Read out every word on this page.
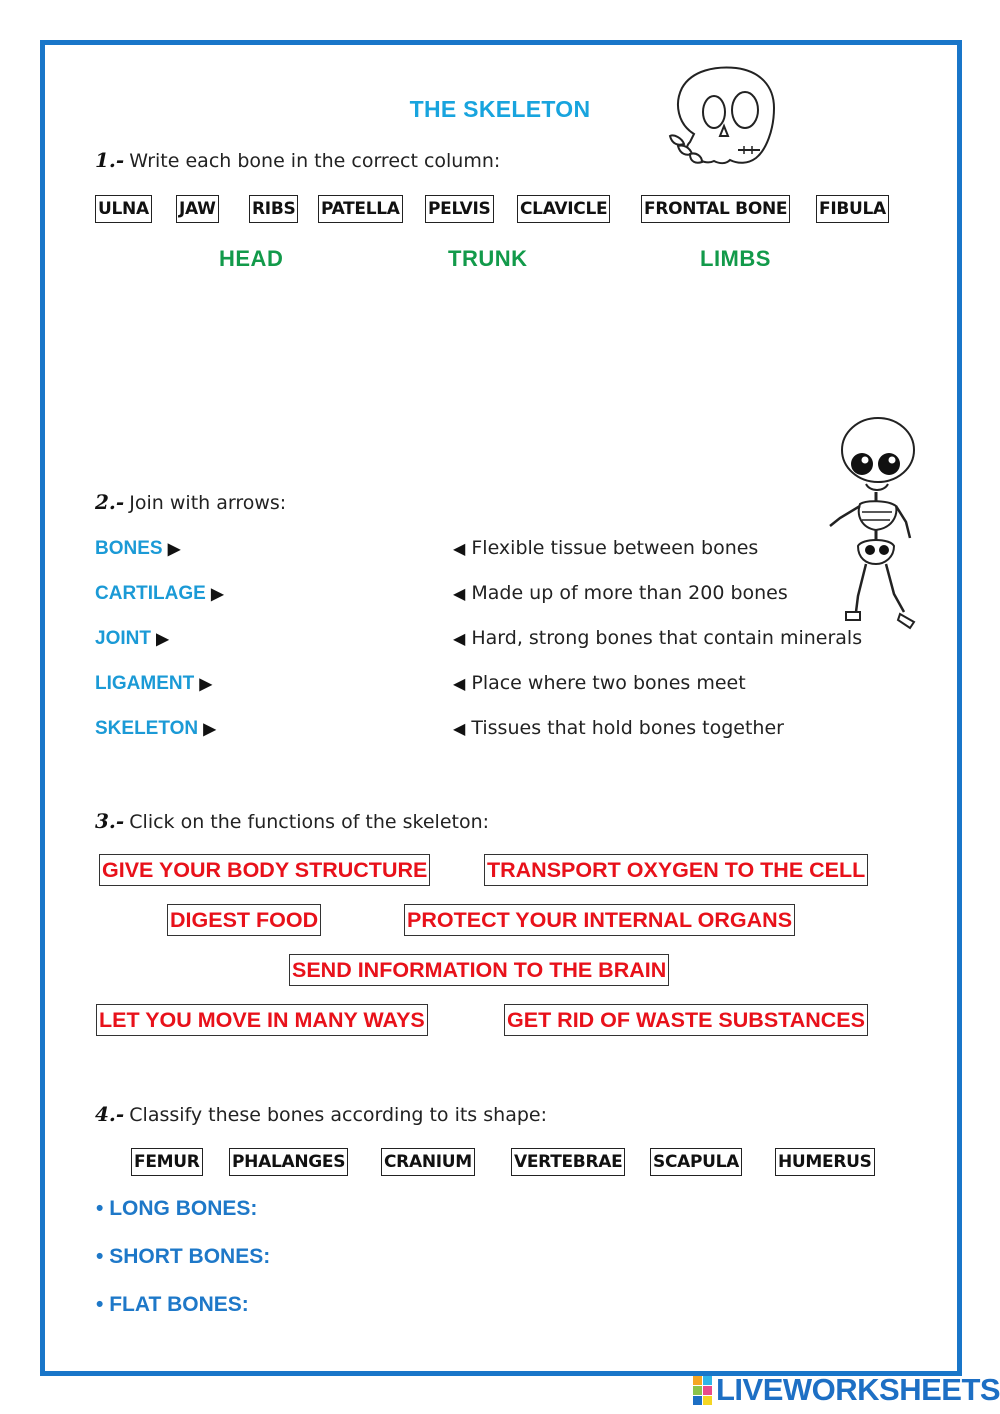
THE SKELETON
1.- Write each bone in the correct column:
ULNA JAW RIBS PATELLA PELVIS CLAVICLE FRONTAL BONE FIBULA
HEAD	TRUNK	LIMBS
2.- Join with arrows:
BONES ▶
CARTILAGE ▶
JOINT ▶
LIGAMENT ▶
SKELETON ▶
◀ Flexible tissue between bones
◀ Made up of more than 200 bones
◀ Hard, strong bones that contain minerals
◀ Place where two bones meet
◀ Tissues that hold bones together
3.- Click on the functions of the skeleton:
GIVE YOUR BODY STRUCTURE	TRANSPORT OXYGEN TO THE CELL
DIGEST FOOD	PROTECT YOUR INTERNAL ORGANS
SEND INFORMATION TO THE BRAIN
LET YOU MOVE IN MANY WAYS	GET RID OF WASTE SUBSTANCES
4.- Classify these bones according to its shape:
FEMUR PHALANGES CRANIUM VERTEBRAE SCAPULA HUMERUS
• LONG BONES:
• SHORT BONES:
• FLAT BONES:
LIVEWORKSHEETS
